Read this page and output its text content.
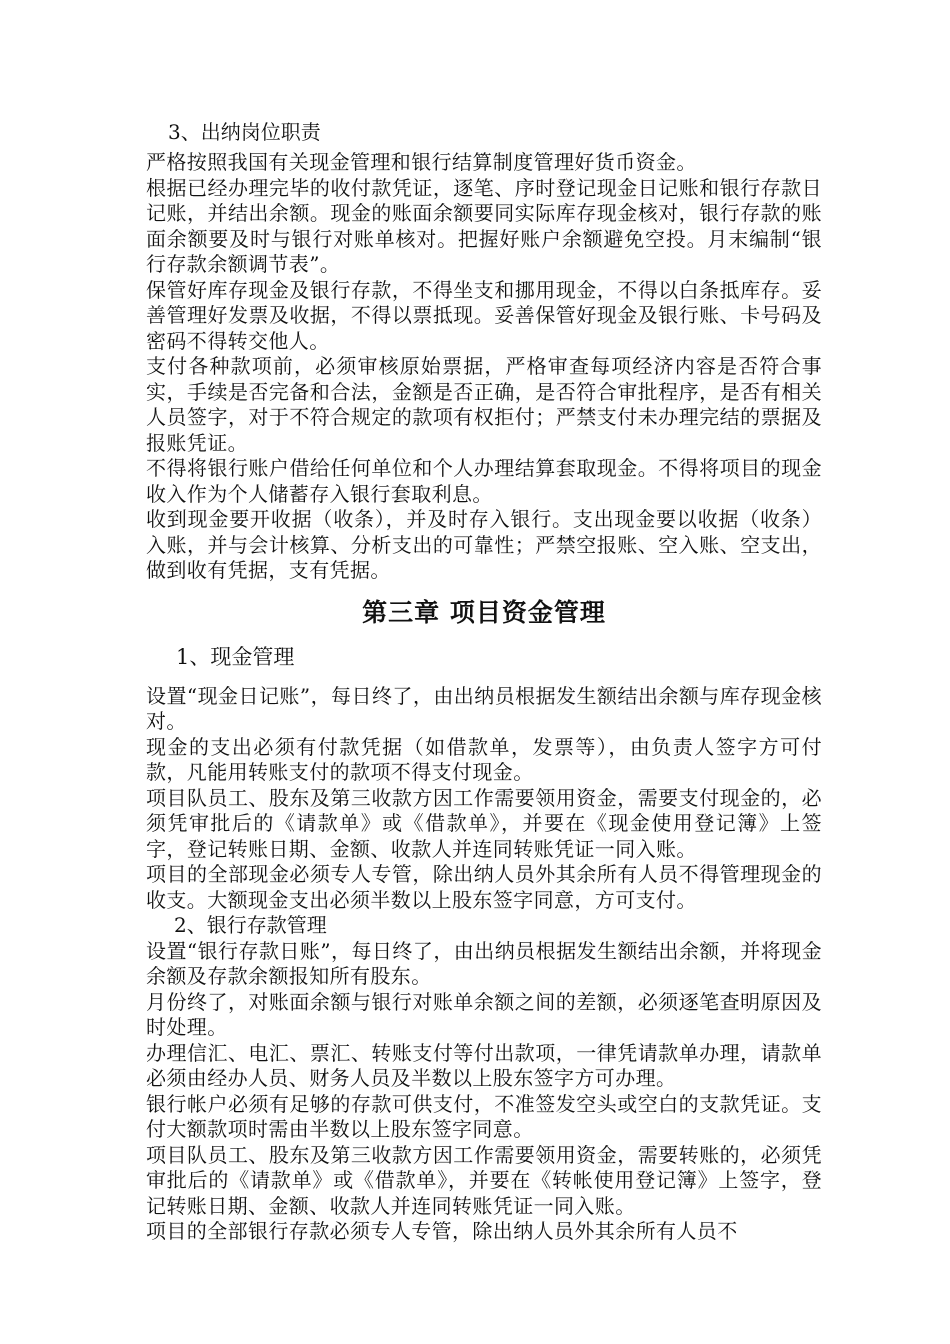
3、出纳岗位职责

严格按照我国有关现金管理和银行结算制度管理好货币资金。

根据已经办理完毕的收付款凭证，逐笔、序时登记现金日记账和银行存款日记账，并结出余额。现金的账面余额要同实际库存现金核对，银行存款的账面余额要及时与银行对账单核对。把握好账户余额避免空投。月末编制“银行存款余额调节表”。

保管好库存现金及银行存款，不得坐支和挪用现金，不得以白条抵库存。妥善管理好发票及收据，不得以票抵现。妥善保管好现金及银行账、卡号码及密码不得转交他人。

支付各种款项前，必须审核原始票据，严格审查每项经济内容是否符合事实，手续是否完备和合法，金额是否正确，是否符合审批程序，是否有相关人员签字，对于不符合规定的款项有权拒付；严禁支付未办理完结的票据及报账凭证。

不得将银行账户借给任何单位和个人办理结算套取现金。不得将项目的现金收入作为个人储蓄存入银行套取利息。

收到现金要开收据（收条），并及时存入银行。支出现金要以收据（收条）入账，并与会计核算、分析支出的可靠性；严禁空报账、空入账、空支出，做到收有凭据，支有凭据。

第三章 项目资金管理

1、现金管理

设置“现金日记账”，每日终了，由出纳员根据发生额结出余额与库存现金核对。

现金的支出必须有付款凭据（如借款单，发票等），由负责人签字方可付款，凡能用转账支付的款项不得支付现金。

项目队员工、股东及第三收款方因工作需要领用资金，需要支付现金的，必须凭审批后的《请款单》或《借款单》，并要在《现金使用登记簿》上签字，登记转账日期、金额、收款人并连同转账凭证一同入账。

项目的全部现金必须专人专管，除出纳人员外其余所有人员不得管理现金的收支。大额现金支出必须半数以上股东签字同意，方可支付。

2、银行存款管理

设置“银行存款日账”，每日终了，由出纳员根据发生额结出余额，并将现金余额及存款余额报知所有股东。

月份终了，对账面余额与银行对账单余额之间的差额，必须逐笔查明原因及时处理。

办理信汇、电汇、票汇、转账支付等付出款项，一律凭请款单办理，请款单必须由经办人员、财务人员及半数以上股东签字方可办理。

银行帐户必须有足够的存款可供支付，不准签发空头或空白的支款凭证。支付大额款项时需由半数以上股东签字同意。

项目队员工、股东及第三收款方因工作需要领用资金，需要转账的，必须凭审批后的《请款单》或《借款单》，并要在《转帐使用登记簿》上签字，登记转账日期、金额、收款人并连同转账凭证一同入账。

项目的全部银行存款必须专人专管，除出纳人员外其余所有人员不
